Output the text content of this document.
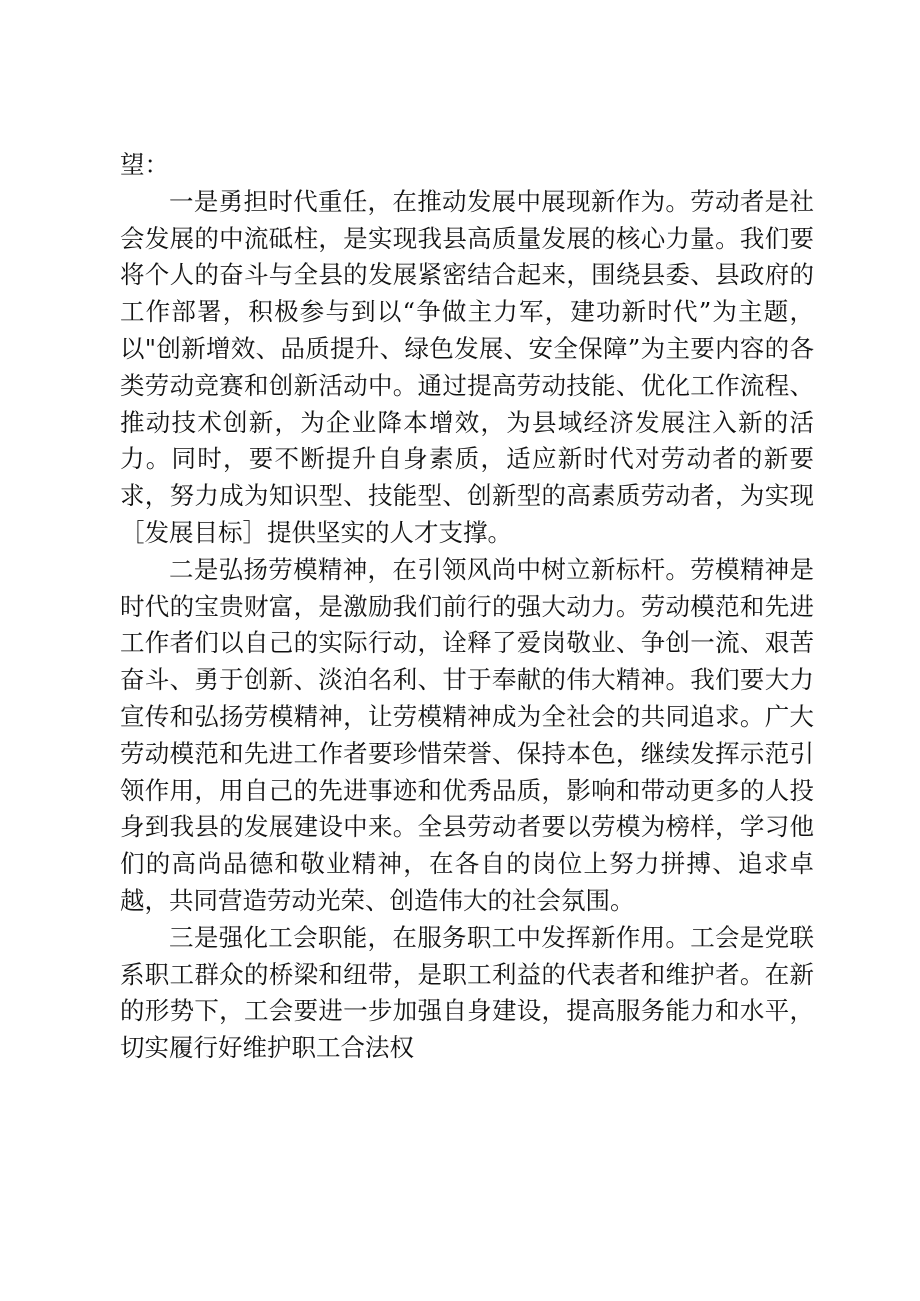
望：

一是勇担时代重任，在推动发展中展现新作为。劳动者是社会发展的中流砥柱，是实现我县高质量发展的核心力量。我们要将个人的奋斗与全县的发展紧密结合起来，围绕县委、县政府的工作部署，积极参与到以“争做主力军，建功新时代”为主题，以"创新增效、品质提升、绿色发展、安全保障”为主要内容的各类劳动竞赛和创新活动中。通过提高劳动技能、优化工作流程、推动技术创新，为企业降本增效，为县域经济发展注入新的活力。同时，要不断提升自身素质，适应新时代对劳动者的新要求，努力成为知识型、技能型、创新型的高素质劳动者，为实现［发展目标］提供坚实的人才支撑。

二是弘扬劳模精神，在引领风尚中树立新标杆。劳模精神是时代的宝贵财富，是激励我们前行的强大动力。劳动模范和先进工作者们以自己的实际行动，诠释了爱岗敬业、争创一流、艰苦奋斗、勇于创新、淡泊名利、甘于奉献的伟大精神。我们要大力宣传和弘扬劳模精神，让劳模精神成为全社会的共同追求。广大劳动模范和先进工作者要珍惜荣誉、保持本色，继续发挥示范引领作用，用自己的先进事迹和优秀品质，影响和带动更多的人投身到我县的发展建设中来。全县劳动者要以劳模为榜样，学习他们的高尚品德和敬业精神，在各自的岗位上努力拼搏、追求卓越，共同营造劳动光荣、创造伟大的社会氛围。

三是强化工会职能，在服务职工中发挥新作用。工会是党联系职工群众的桥梁和纽带，是职工利益的代表者和维护者。在新的形势下，工会要进一步加强自身建设，提高服务能力和水平，切实履行好维护职工合法权
